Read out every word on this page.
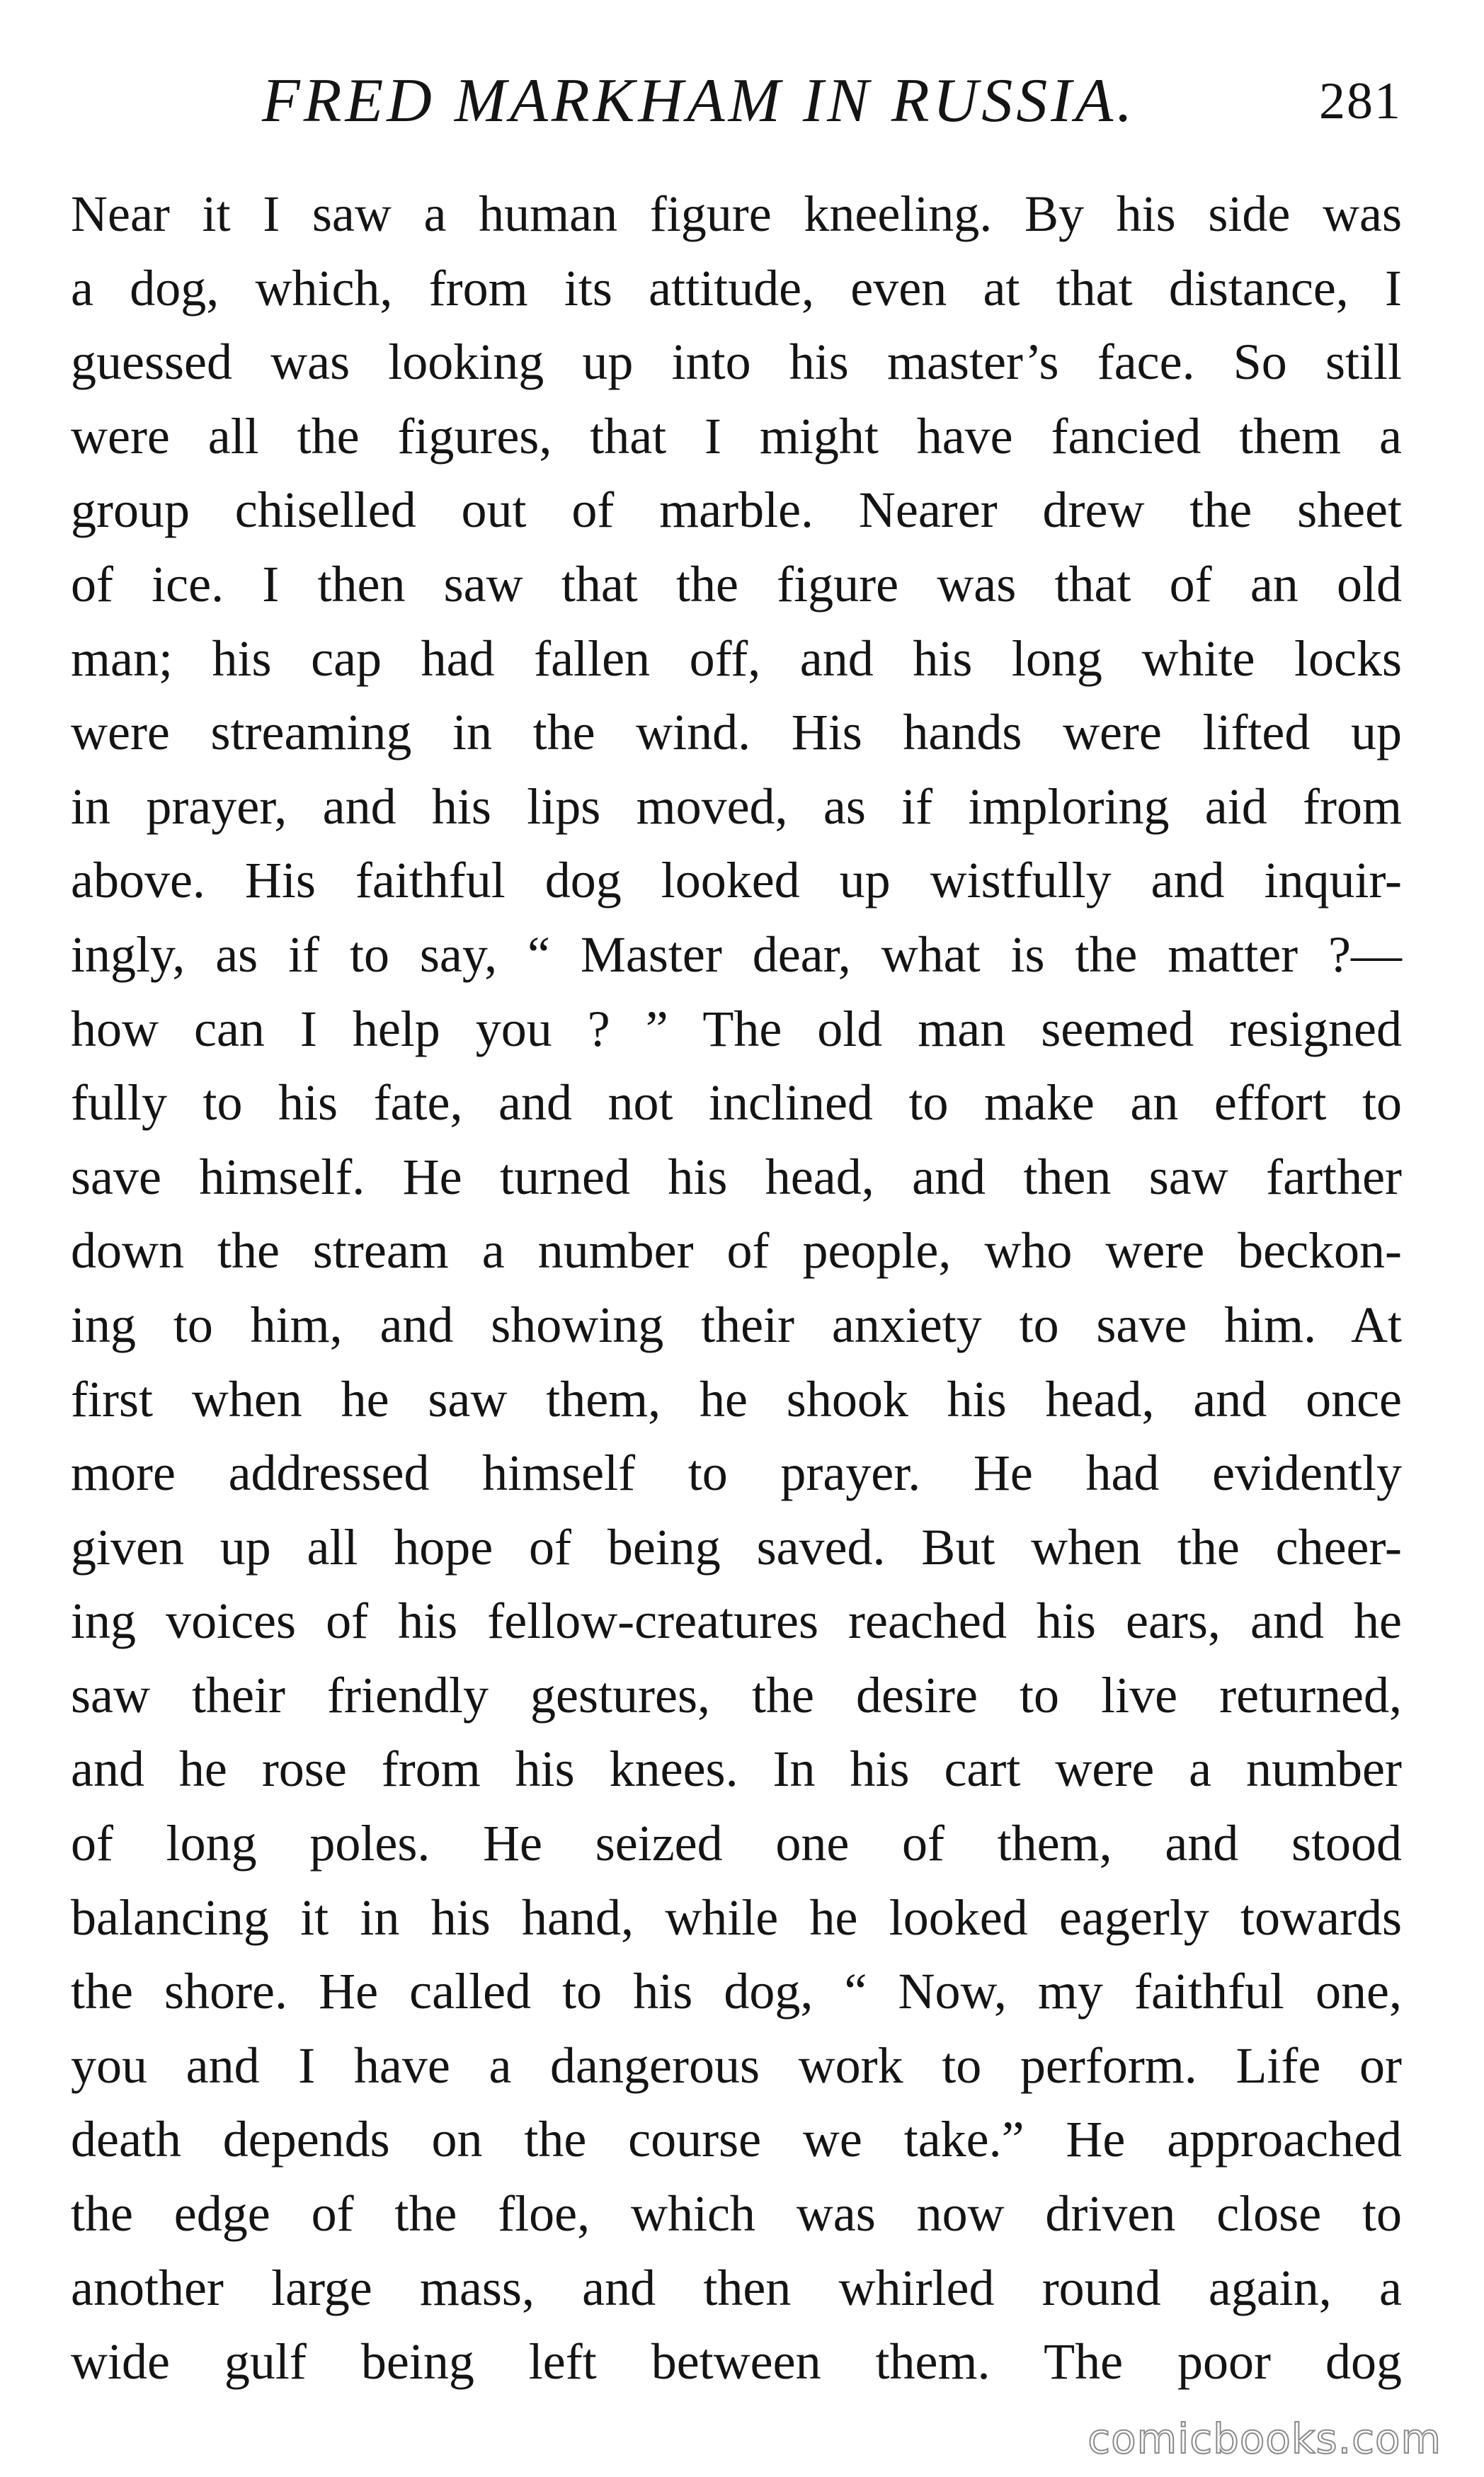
FRED MARKHAM IN RUSSIA.	281
Near it I saw a human figure kneeling. By his side was
a dog, which, from its attitude, even at that distance, I
guessed was looking up into his master’s face. So still
were all the figures, that I might have fancied them a
group chiselled out of marble. Nearer drew the sheet
of ice. I then saw that the figure was that of an old
man; his cap had fallen off, and his long white locks
were streaming in the wind. His hands were lifted up
in prayer, and his lips moved, as if imploring aid from
above. His faithful dog looked up wistfully and inquir-
ingly, as if to say, “ Master dear, what is the matter ?—
how can I help you ? ” The old man seemed resigned
fully to his fate, and not inclined to make an effort to
save himself. He turned his head, and then saw farther
down the stream a number of people, who were beckon-
ing to him, and showing their anxiety to save him. At
first when he saw them, he shook his head, and once
more addressed himself to prayer. He had evidently
given up all hope of being saved. But when the cheer-
ing voices of his fellow-creatures reached his ears, and he
saw their friendly gestures, the desire to live returned,
and he rose from his knees. In his cart were a number
of long poles. He seized one of them, and stood
balancing it in his hand, while he looked eagerly towards
the shore. He called to his dog, “ Now, my faithful one,
you and I have a dangerous work to perform. Life or
death depends on the course we take.” He approached
the edge of the floe, which was now driven close to
another large mass, and then whirled round again, a
wide gulf being left between them. The poor dog
comicbooks.com
